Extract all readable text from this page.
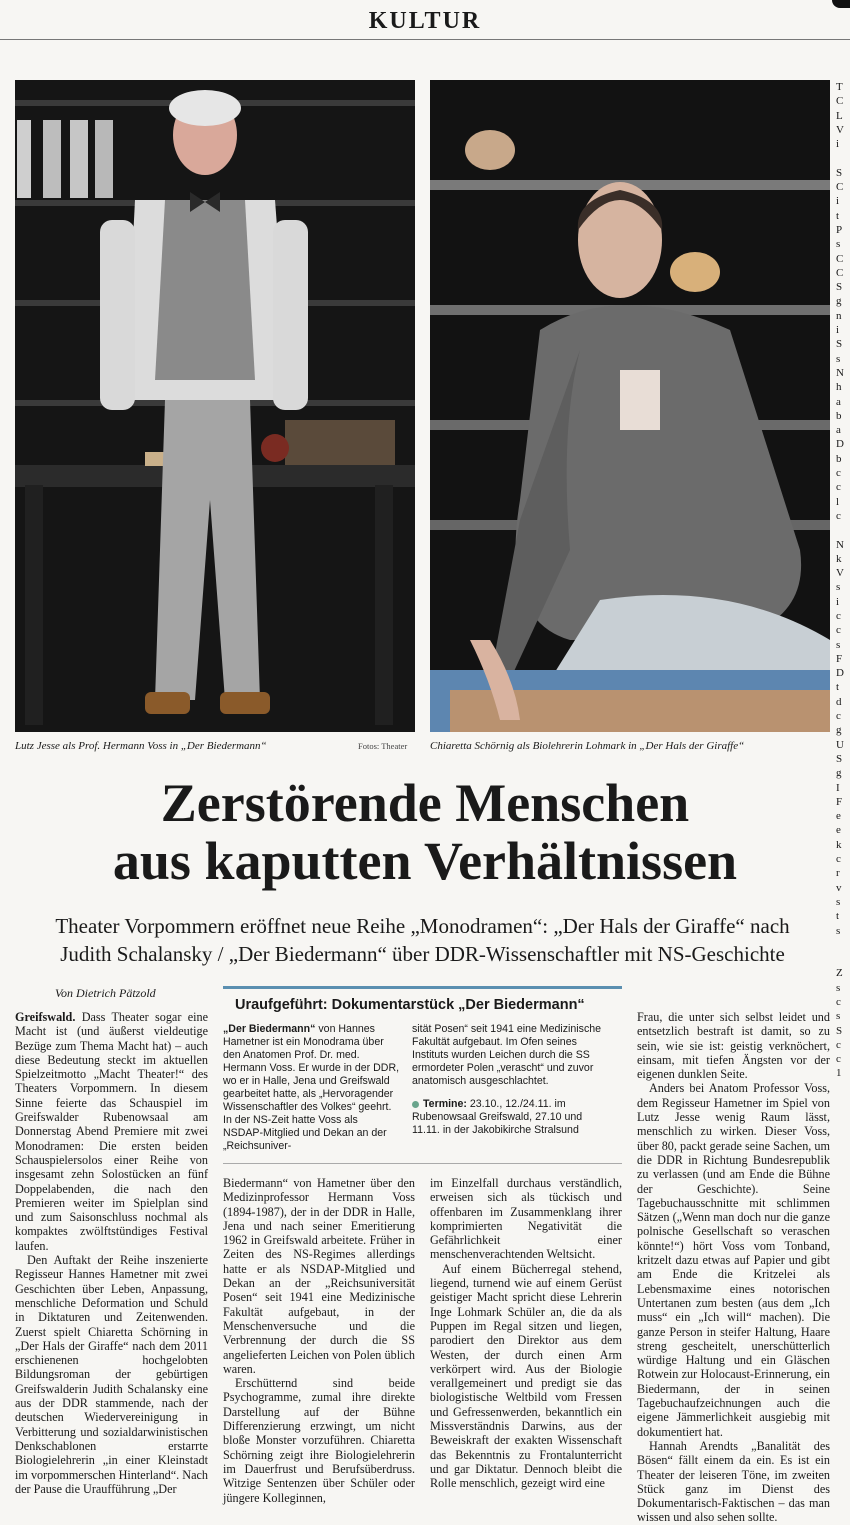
KULTUR
Lutz Jesse als Prof. Hermann Voss in „Der Biedermann“	Fotos: Theater Chiaretta Schörnig als Biolehrerin Lohmark in „Der Hals der Giraffe“
Zerstörende Menschen
aus kaputten Verhältnissen
Theater Vorpommern eröffnet neue Reihe „Monodramen“: „Der Hals der Giraffe“ nach
Judith Schalansky / „Der Biedermann“ über DDR-Wissenschaftler mit NS-Geschichte
Von Dietrich Pätzold

Greifswald. Dass Theater sogar eine Macht ist (und äußerst vieldeutige Bezüge zum Thema Macht hat) – auch diese Bedeutung steckt im aktuellen Spielzeitmotto „Macht Theater!“ des Theaters Vorpommern. In diesem Sinne feierte das Schauspiel im Greifswalder Rubenowsaal am Donnerstag Abend Premiere mit zwei Monodramen: Die ersten beiden Schauspielersolos einer Reihe von insgesamt zehn Solostücken an fünf Doppelabenden, die nach den Premieren weiter im Spielplan sind und zum Saisonschluss nochmal als kompaktes zwölftstündiges Festival laufen.

Den Auftakt der Reihe inszenierte Regisseur Hannes Hametner mit zwei Geschichten über Leben, Anpassung, menschliche Deformation und Schuld in Diktaturen und Zeitenwenden. Zuerst spielt Chiaretta Schörning in „Der Hals der Giraffe“ nach dem 2011 erschienenen hochgelobten Bildungsroman der gebürtigen Greifswalderin Judith Schalansky eine aus der DDR stammende, nach der deutschen Wiedervereinigung in Verbitterung und sozialdarwinistischen Denkschablonen erstarrte Biologielehrerin „in einer Kleinstadt im vorpommerschen Hinterland“. Nach der Pause die Uraufführung „Der

Uraufgeführt: Dokumentarstück „Der Biedermann“
„Der Biedermann“ von Hannes Hametner ist ein Monodrama über den Anatomen Prof. Dr. med. Hermann Voss. Er wurde in der DDR, wo er in Halle, Jena und Greifswald gearbeitet hatte, als „Hervoragender Wissenschaftler des Volkes“ geehrt. In der NS-Zeit hatte Voss als NSDAP-Mitglied und Dekan an der „Reichsuniver-
sität Posen“ seit 1941 eine Medizinische Fakultät aufgebaut. Im Ofen seines Instituts wurden Leichen durch die SS ermordeter Polen „verascht“ und zuvor anatomisch ausgeschlachtet.
Termine: 23.10., 12./24.11. im Rubenowsaal Greifswald, 27.10 und 11.11. in der Jakobikirche Stralsund

Biedermann“ von Hametner über den Medizinprofessor Hermann Voss (1894-1987), der in der DDR in Halle, Jena und nach seiner Emeritierung 1962 in Greifswald arbeitete. Früher in Zeiten des NS-Regimes allerdings hatte er als NSDAP-Mitglied und Dekan an der „Reichsuniversität Posen“ seit 1941 eine Medizinische Fakultät aufgebaut, in der Menschenversuche und die Verbrennung der durch die SS angelieferten Leichen von Polen üblich waren.

Erschütternd sind beide Psychogramme, zumal ihre direkte Darstellung auf der Bühne Differenzierung erzwingt, um nicht bloße Monster vorzuführen. Chiaretta Schörning zeigt ihre Biologielehrerin im Dauerfrust und Berufsüberdruss. Witzige Sentenzen über Schüler oder jüngere Kolleginnen,

im Einzelfall durchaus verständlich, erweisen sich als tückisch und offenbaren im Zusammenklang ihrer komprimierten Negativität die Gefährlichkeit einer menschenverachtenden Weltsicht.

Auf einem Bücherregal stehend, liegend, turnend wie auf einem Gerüst geistiger Macht spricht diese Lehrerin Inge Lohmark Schüler an, die da als Puppen im Regal sitzen und liegen, parodiert den Direktor aus dem Westen, der durch einen Arm verkörpert wird. Aus der Biologie verallgemeinert und predigt sie das biologistische Weltbild vom Fressen und Gefressenwerden, bekanntlich ein Missverständnis Darwins, aus der Beweiskraft der exakten Wissenschaft das Bekenntnis zu Frontalunterricht und gar Diktatur. Dennoch bleibt die Rolle menschlich, gezeigt wird eine

Frau, die unter sich selbst leidet und entsetzlich bestraft ist damit, so zu sein, wie sie ist: geistig verknöchert, einsam, mit tiefen Ängsten vor der eigenen dunklen Seite.

Anders bei Anatom Professor Voss, dem Regisseur Hametner im Spiel von Lutz Jesse wenig Raum lässt, menschlich zu wirken. Dieser Voss, über 80, packt gerade seine Sachen, um die DDR in Richtung Bundesrepublik zu verlassen (und am Ende die Bühne der Geschichte). Seine Tagebuchausschnitte mit schlimmen Sätzen („Wenn man doch nur die ganze polnische Gesellschaft so veraschen könnte!“) hört Voss vom Tonband, kritzelt dazu etwas auf Papier und gibt am Ende die Kritzelei als Lebensmaxime eines notorischen Untertanen zum besten (aus dem „Ich muss“ ein „Ich will“ machen). Die ganze Person in steifer Haltung, Haare streng gescheitelt, unerschütterlich würdige Haltung und ein Gläschen Rotwein zur Holocaust-Erinnerung, ein Biedermann, der in seinen Tagebuchaufzeichnungen auch die eigene Jämmerlichkeit ausgiebig mit dokumentiert hat.

Hannah Arendts „Banalität des Bösen“ fällt einem da ein. Es ist ein Theater der leiseren Töne, im zweiten Stück ganz im Dienst des Dokumentarisch-Faktischen – das man wissen und also sehen sollte.

T
C
L
V
i

S
C
i
t
P
s
C
C
S
g
n
i
S
s
N
h
a
b
a
D
b
c
c
l
c

N
k
V
s
i
c
c
s
F
D
t
d
c
g
U
S
g
I
F
e
e
k
c
r
v
s
t
s

Z
s
c
s
S
c
c
1
